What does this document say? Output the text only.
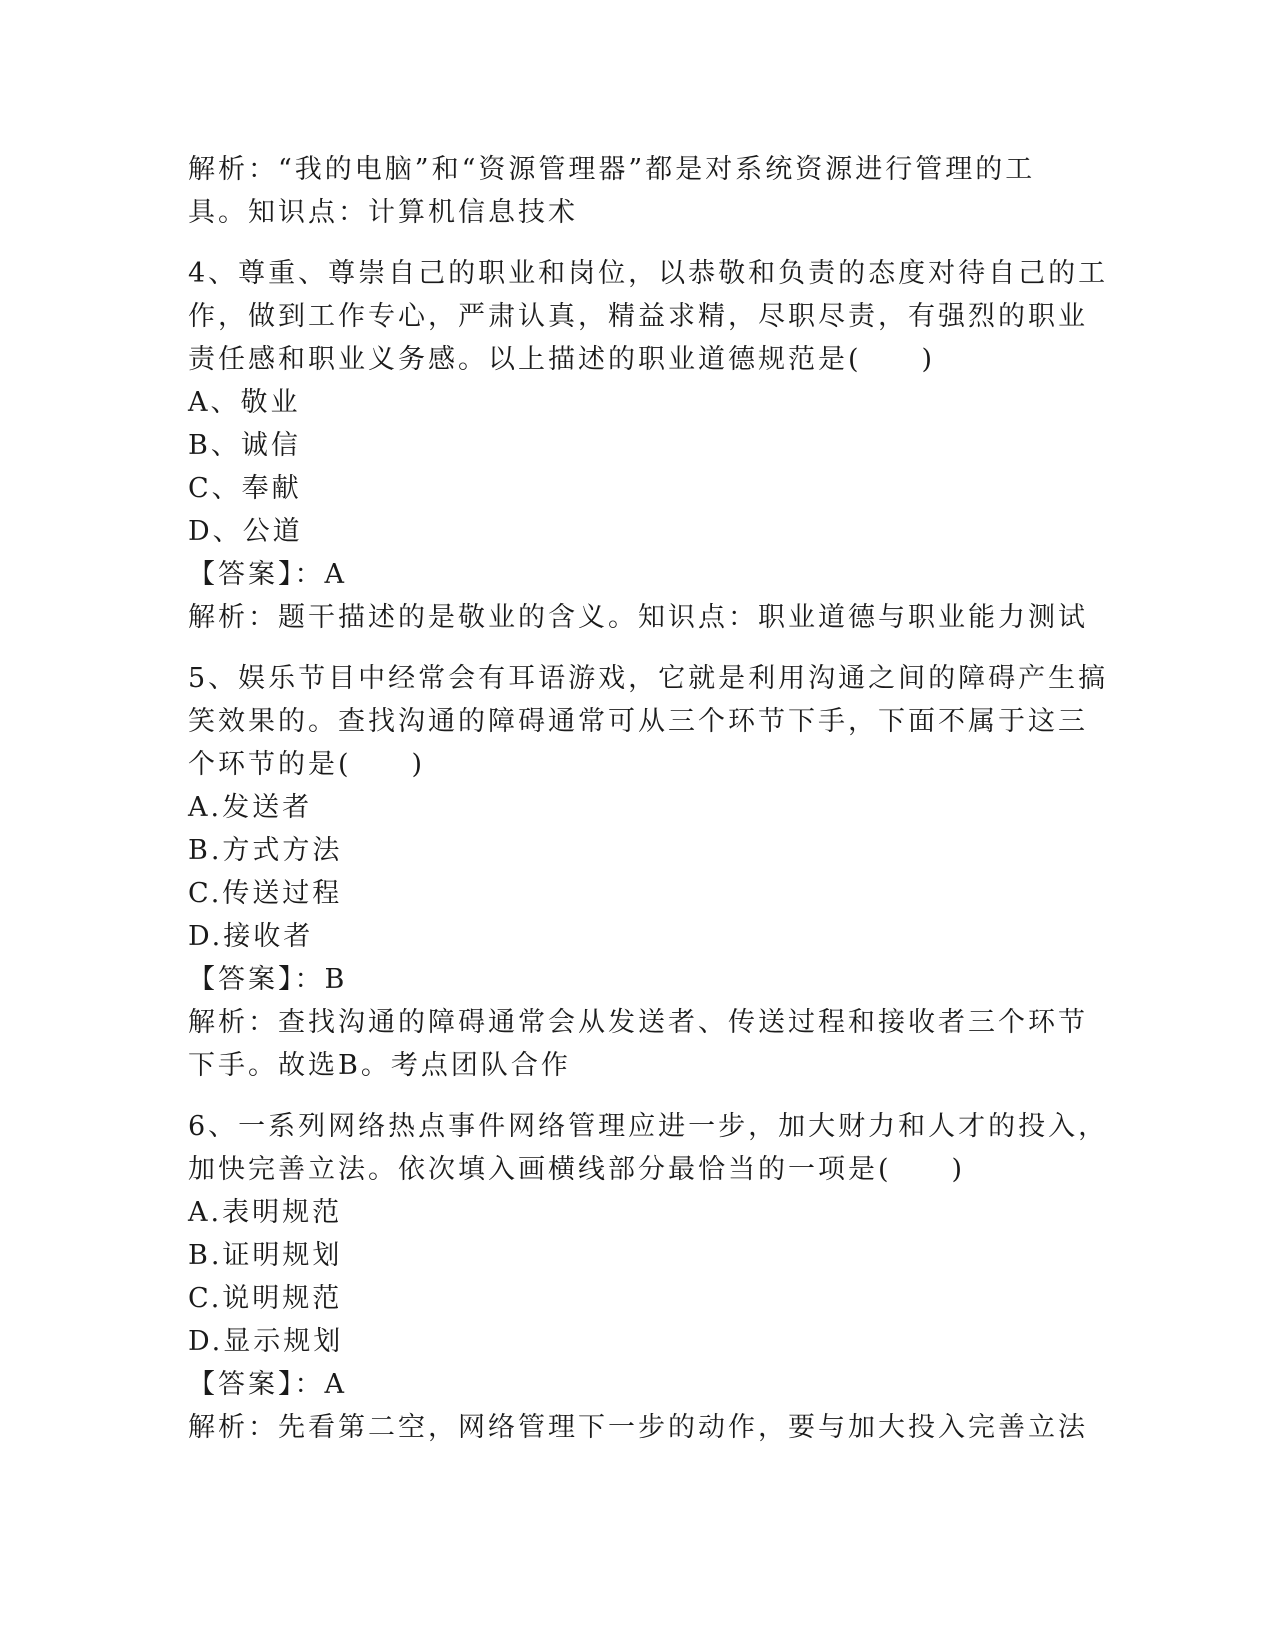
解析：“我的电脑”和“资源管理器”都是对系统资源进行管理的工
具。知识点：计算机信息技术
4、尊重、尊崇自己的职业和岗位，以恭敬和负责的态度对待自己的工
作，做到工作专心，严肃认真，精益求精，尽职尽责，有强烈的职业
责任感和职业义务感。以上描述的职业道德规范是(　　)
A、敬业
B、诚信
C、奉献
D、公道
【答案】：A
解析：题干描述的是敬业的含义。知识点：职业道德与职业能力测试
5、娱乐节目中经常会有耳语游戏，它就是利用沟通之间的障碍产生搞
笑效果的。查找沟通的障碍通常可从三个环节下手，下面不属于这三
个环节的是(　　)
A.发送者
B.方式方法
C.传送过程
D.接收者
【答案】：B
解析：查找沟通的障碍通常会从发送者、传送过程和接收者三个环节
下手。故选B。考点团队合作
6、一系列网络热点事件网络管理应进一步，加大财力和人才的投入，
加快完善立法。依次填入画横线部分最恰当的一项是(　　)
A.表明规范
B.证明规划
C.说明规范
D.显示规划
【答案】：A
解析：先看第二空，网络管理下一步的动作，要与加大投入完善立法
